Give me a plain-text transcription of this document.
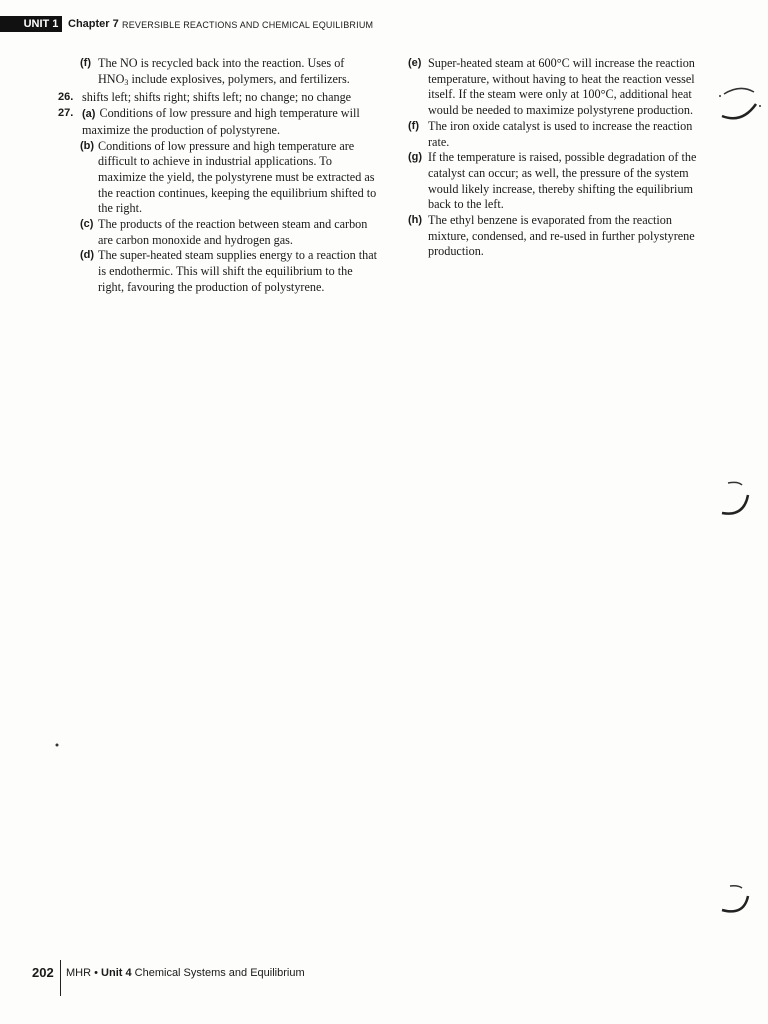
UNIT 1 Chapter 7 REVERSIBLE REACTIONS AND CHEMICAL EQUILIBRIUM
(f) The NO is recycled back into the reaction. Uses of
$HNO_3$ include explosives, polymers, and fertilizers.
26. shifts left; shifts right; shifts left; no change; no change
27. (a) Conditions of low pressure and high temperature will maximize the production of polystyrene.
(b) Conditions of low pressure and high temperature are difficult to achieve in industrial applications. To maximize the yield, the polystyrene must be extracted as the reaction continues, keeping the equilibrium shifted to the right.
(c) The products of the reaction between steam and carbon are carbon monoxide and hydrogen gas.
(d) The super-heated steam supplies energy to a reaction that is endothermic. This will shift the equilibrium to the right, favouring the production of polystyrene.
(e) Super-heated steam at 600°C will increase the reaction temperature, without having to heat the reaction vessel itself. If the steam were only at 100°C, additional heat would be needed to maximize polystyrene production.
(f) The iron oxide catalyst is used to increase the reaction rate.
(g) If the temperature is raised, possible degradation of the catalyst can occur; as well, the pressure of the system would likely increase, thereby shifting the equilibrium back to the left.
(h) The ethyl benzene is evaporated from the reaction mixture, condensed, and re-used in further polystyrene production.
202 MHR • Unit 4 Chemical Systems and Equilibrium
